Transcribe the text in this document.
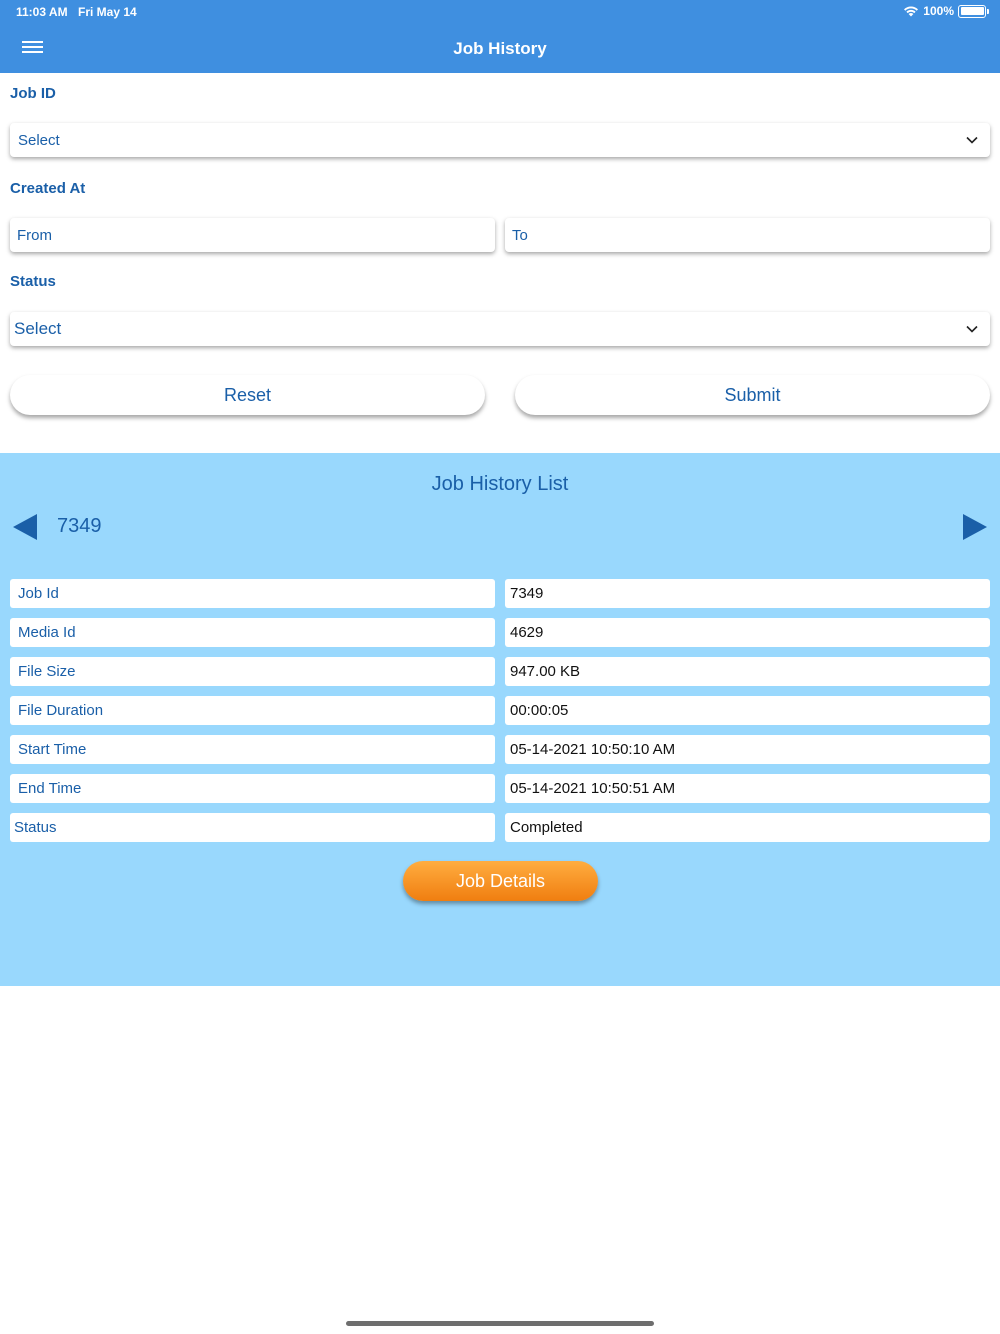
11:03 AM Fri May 14	100%
Job History
Job ID
Select
Created At
From	To
Status
Select
Reset	Submit
Job History List
7349
Job Id	7349
Media Id	4629
File Size	947.00 KB
File Duration	00:00:05
Start Time	05-14-2021 10:50:10 AM
End Time	05-14-2021 10:50:51 AM
Status	Completed
Job Details
